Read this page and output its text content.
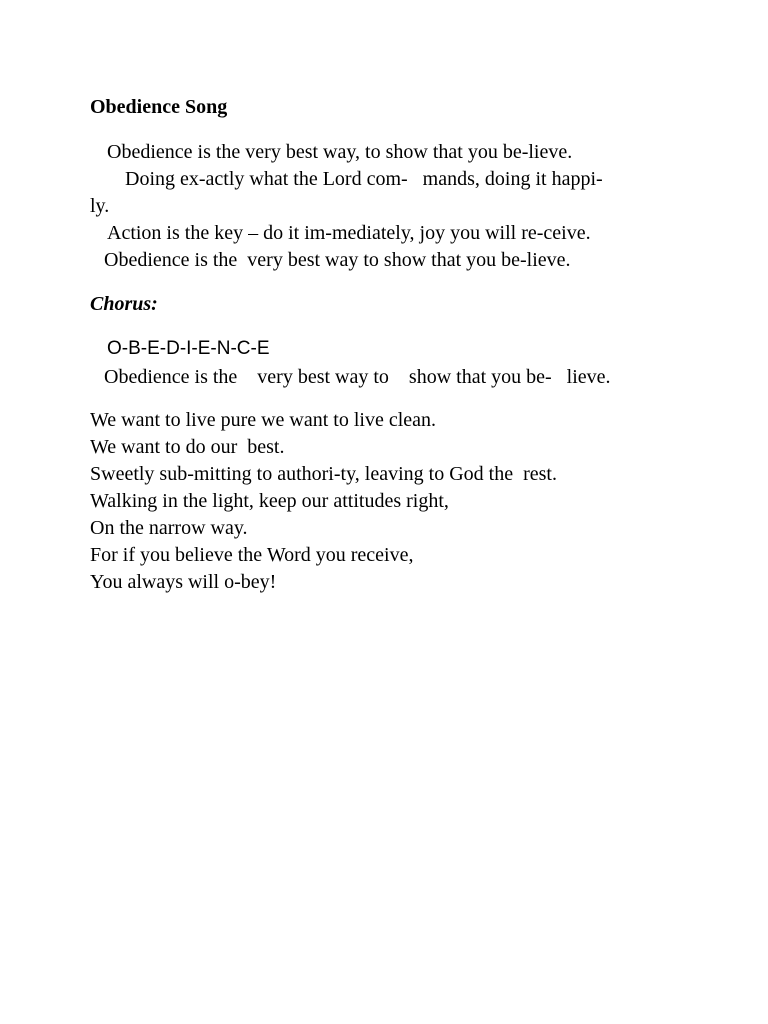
Obedience Song
Obedience is the very best way, to show that you be-lieve.
Doing ex-actly what the Lord com-   mands, doing it happi-
ly.
Action is the key – do it im-mediately, joy you will re-ceive.
Obedience is the  very best way to show that you be-lieve.
Chorus:
O-B-E-D-I-E-N-C-E
Obedience is the    very best way to    show that you be-   lieve.
We want to live pure we want to live clean.
We want to do our  best.
Sweetly sub-mitting to authori-ty, leaving to God the  rest.
Walking in the light, keep our attitudes right,
On the narrow way.
For if you believe the Word you receive,
You always will o-bey!
